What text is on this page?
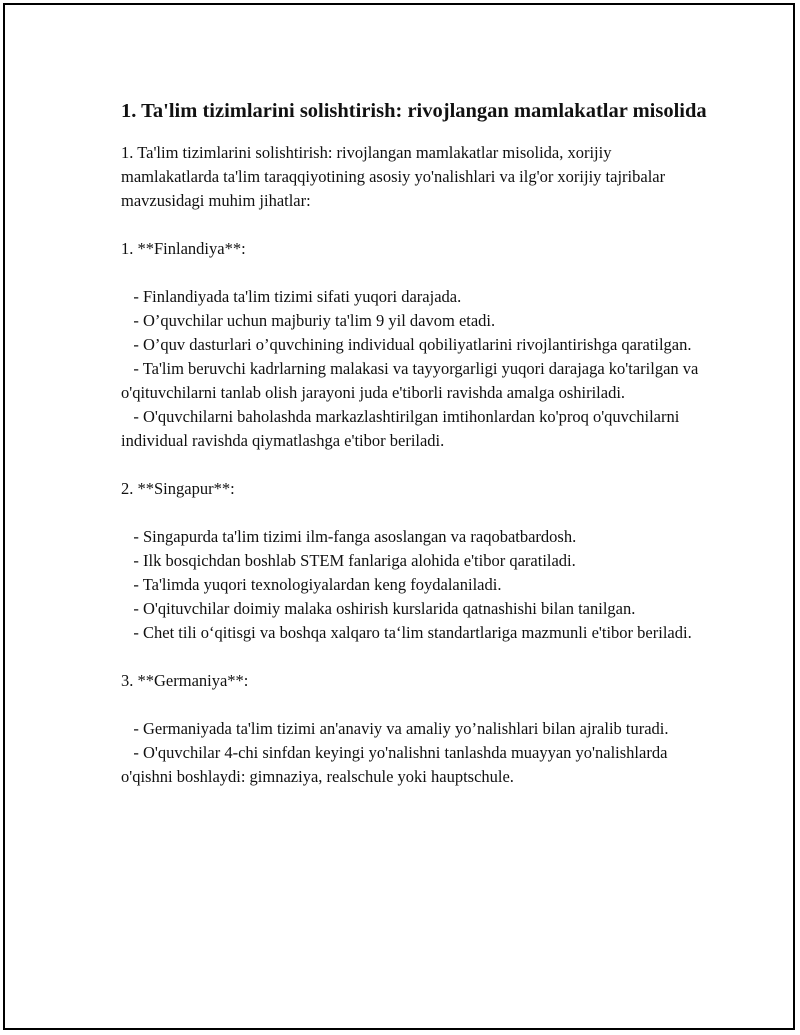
1. Ta'lim tizimlarini solishtirish: rivojlangan mamlakatlar misolida

1. Ta'lim tizimlarini solishtirish: rivojlangan mamlakatlar misolida, xorijiy mamlakatlarda ta'lim taraqqiyotining asosiy yo'nalishlari va ilg'or xorijiy tajribalar mavzusidagi muhim jihatlar:

1. **Finlandiya**:

- Finlandiyada ta'lim tizimi sifati yuqori darajada.

- O’quvchilar uchun majburiy ta'lim 9 yil davom etadi.

- O’quv dasturlari o’quvchining individual qobiliyatlarini rivojlantirishga qaratilgan.

- Ta'lim beruvchi kadrlarning malakasi va tayyorgarligi yuqori darajaga ko'tarilgan va o'qituvchilarni tanlab olish jarayoni juda e'tiborli ravishda amalga oshiriladi.

- O'quvchilarni baholashda markazlashtirilgan imtihonlardan ko'proq o'quvchilarni individual ravishda qiymatlashga e'tibor beriladi.

2. **Singapur**:

- Singapurda ta'lim tizimi ilm-fanga asoslangan va raqobatbardosh.

- Ilk bosqichdan boshlab STEM fanlariga alohida e'tibor qaratiladi.

- Ta'limda yuqori texnologiyalardan keng foydalaniladi.

- O'qituvchilar doimiy malaka oshirish kurslarida qatnashishi bilan tanilgan.

- Chet tili o‘qitisgi va boshqa xalqaro ta‘lim standartlariga mazmunli e'tibor beriladi.

3. **Germaniya**:

- Germaniyada ta'lim tizimi an'anaviy va amaliy yo’nalishlari bilan ajralib turadi.

- O'quvchilar 4-chi sinfdan keyingi yo'nalishni tanlashda muayyan yo'nalishlarda o'qishni boshlaydi: gimnaziya, realschule yoki hauptschule.
